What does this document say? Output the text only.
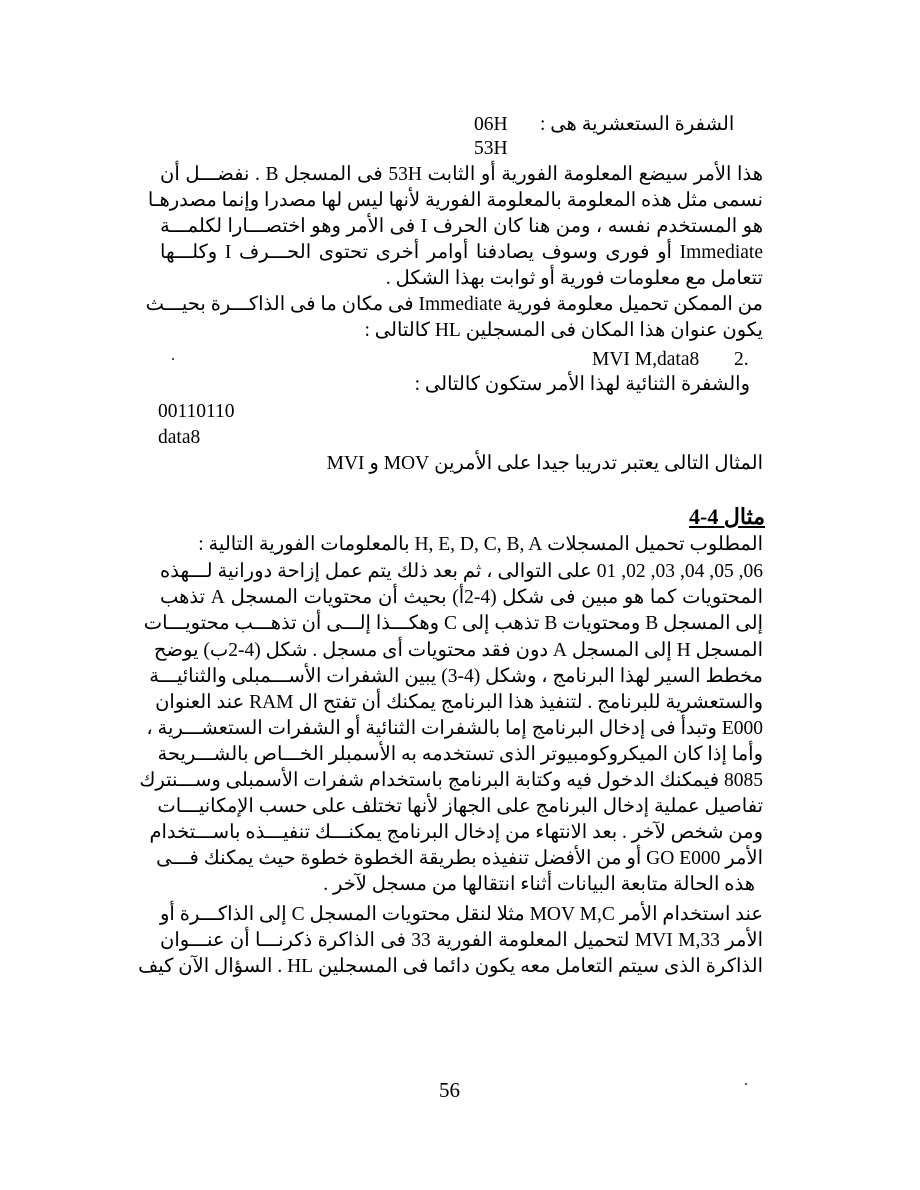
الشفرة الستعشرية هى :
06H
53H
هذا الأمر سيضع المعلومة الفورية أو الثابت 53H فى المسجل B . نفضـــل أن
نسمى مثل هذه المعلومة بالمعلومة الفورية لأنها ليس لها مصدرا وإنما مصدرهـا
هو المستخدم نفسه ، ومن هنا كان الحرف I فى الأمر وهو اختصـــارا لكلمـــة
Immediate أو فورى وسوف يصادفنا أوامر أخرى تحتوى الحـــرف I وكلـــها
تتعامل مع معلومات فورية أو ثوابت بهذا الشكل .
من الممكن تحميل معلومة فورية Immediate فى مكان ما فى الذاكـــرة بحيـــث
يكون عنوان هذا المكان فى المسجلين HL كالتالى :
MVI M,data8 2.
والشفرة الثنائية لهذا الأمر ستكون كالتالى :
00110110
data8
المثال التالى يعتبر تدريبا جيدا على الأمرين MOV و MVI
مثال 4-4
المطلوب تحميل المسجلات H, E, D, C, B, A بالمعلومات الفورية التالية :
06, 05, 04, 03, 02, 01 على التوالى ، ثم بعد ذلك يتم عمل إزاحة دورانية لـــهذه
المحتويات كما هو مبين فى شكل (4-2أ) بحيث أن محتويات المسجل A تذهب
إلى المسجل B ومحتويات B تذهب إلى C وهكـــذا إلـــى أن تذهـــب محتويـــات
المسجل H إلى المسجل A دون فقد محتويات أى مسجل . شكل (4-2ب) يوضح
مخطط السير لهذا البرنامج ، وشكل (4-3) يبين الشفرات الأســـمبلى والثنائيـــة
والستعشرية للبرنامج . لتنفيذ هذا البرنامج يمكنك أن تفتح ال RAM عند العنوان
E000 وتبدأ فى إدخال البرنامج إما بالشفرات الثنائية أو الشفرات الستعشـــرية ،
وأما إذا كان الميكروكومبيوتر الذى تستخدمه به الأسمبلر الخـــاص بالشـــريحة
8085 فيمكنك الدخول فيه وكتابة البرنامج باستخدام شفرات الأسمبلى وســـنترك
تفاصيل عملية إدخال البرنامج على الجهاز لأنها تختلف على حسب الإمكانيـــات
ومن شخص لآخر . بعد الانتهاء من إدخال البرنامج يمكنـــك تنفيـــذه باســـتخدام
الأمر GO E000 أو من الأفضل تنفيذه بطريقة الخطوة خطوة حيث يمكنك فـــى
هذه الحالة متابعة البيانات أثناء انتقالها من مسجل لآخر .
عند استخدام الأمر MOV M,C مثلا لنقل محتويات المسجل C إلى الذاكـــرة أو
الأمر MVI M,33 لتحميل المعلومة الفورية 33 فى الذاكرة ذكرنـــا أن عنـــوان
الذاكرة الذى سيتم التعامل معه يكون دائما فى المسجلين HL . السؤال الآن كيف
56
